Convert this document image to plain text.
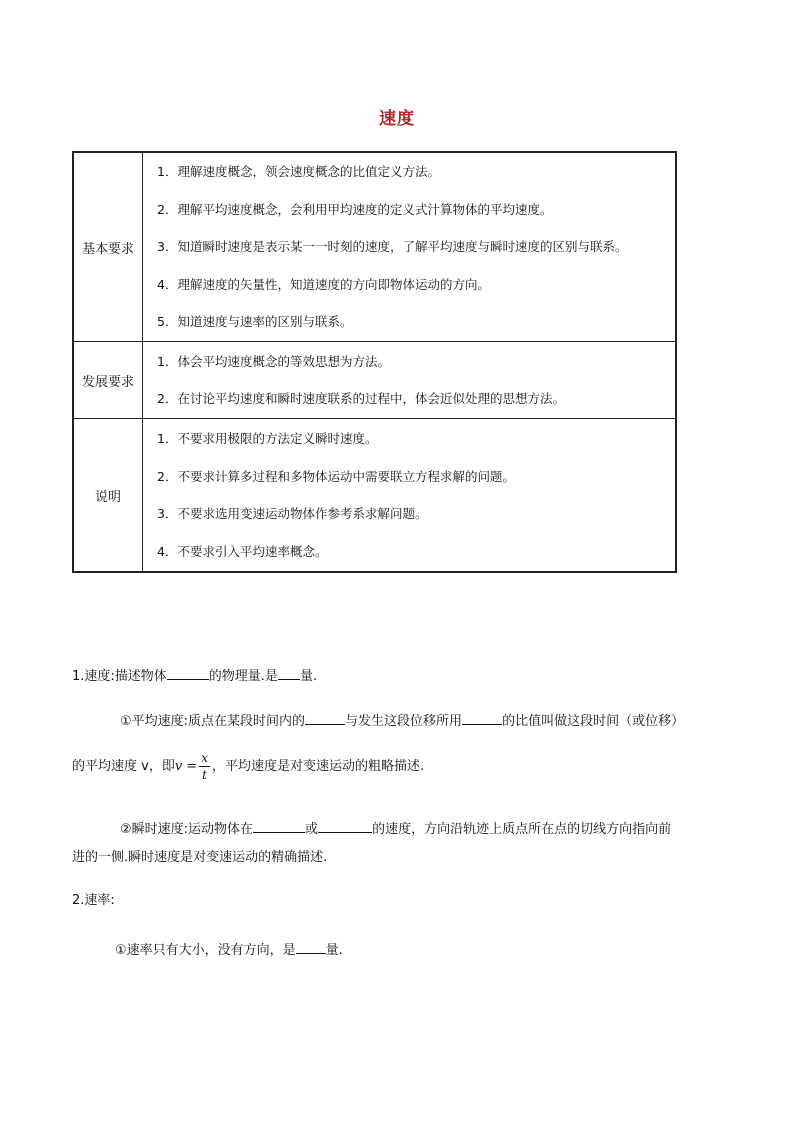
速度
基本要求	1．理解速度概念，领会速度概念的比值定义方法。
2．理解平均速度概念，会利用甲均速度的定义式汁算物体的平均速度。
3．知道瞬时速度是表示某一一时刻的速度，了解平均速度与瞬时速度的区别与联系。
4．理解速度的矢量性，知道速度的方向即物体运动的方向。
5．知道速度与速率的区别与联系。

发展要求	1．体会平均速度概念的等效思想为方法。
2．在讨论平均速度和瞬时速度联系的过程中，体会近似处理的思想方法。

说明	1．不要求用极限的方法定义瞬时速度。
2．不要求计算多过程和多物体运动中需要联立方程求解的问题。
3．不要求选用变速运动物体作参考系求解问题。
4．不要求引入平均速率概念。
1.速度:描述物体	的物理量.是 量.
①平均速度:质点在某段时间内的	与发生这段位移所用	的比值叫做这段时间（或位移）
的平均速度 v，即$v = \frac{x}{t}$ ，平均速度是对变速运动的粗略描述.
②瞬时速度:运动物体在	或	的速度，方向沿轨迹上质点所在点的切线方向指向前
进的一侧.瞬时速度是对变速运动的精确描述.
2.速率:
①速率只有大小，没有方向，是 量.
